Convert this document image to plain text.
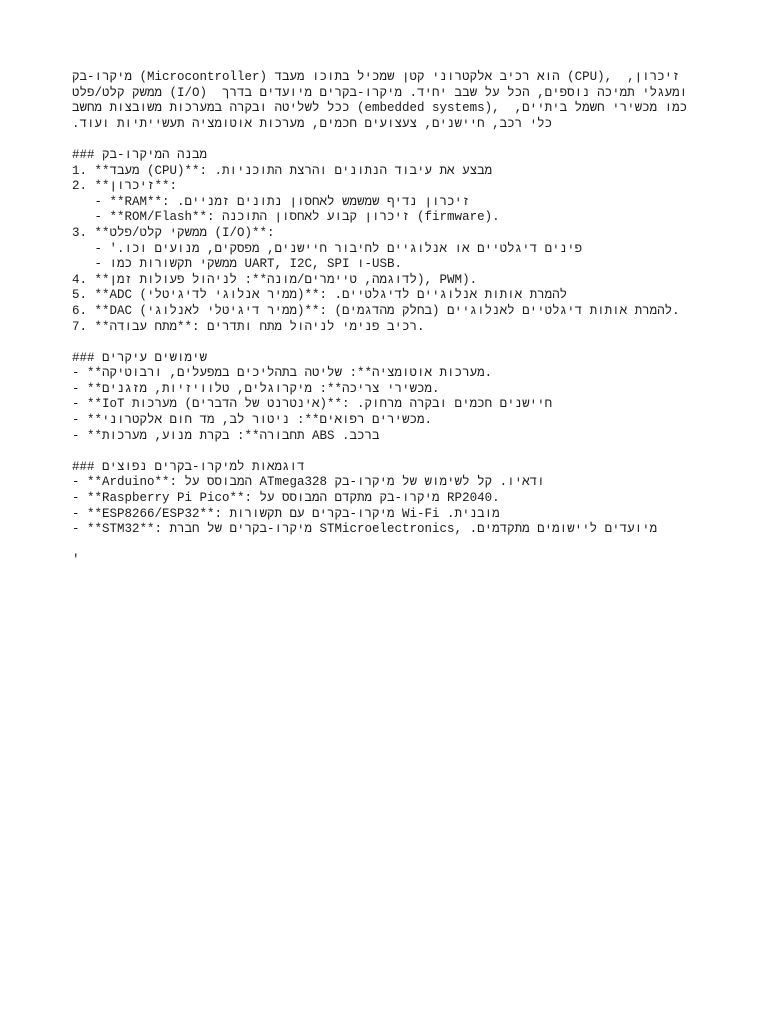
קב-ורקימ (Microcontroller) דבעמ וכותב ליכמש ןטק ינורטקלא ביכר אוה (CPU),  ,ןורכיז
טלפ/טלק קשממ (I/O)  ךרדב םידעוימ םירקב-ורקימ .דיחי בבש לע לכה ,םיפסונ הכימת ילגעמו
בשחמ תוצבושמ תוכרעמב הרקבו הטילשל לככ (embedded systems),  ,םייתיב למשח ירישכמ ומכ
.דועו תויתיישעת היצמוטוא תוכרעמ ,םימכח םיעוצעצ ,םינשייח ,בכר ילכ
### קב-ורקימה הנבמ
1. **דבעמ (CPU)**: .תוינכותה תצרהו םינותנה דוביע תא עצבמ
2. **ןורכיז**:
- **RAM**: .םיינמז םינותנ ןוסחאל שמשמש ףידנ ןורכיז
- **ROM/Flash**: הנכותה ןוסחאל עובק ןורכיז (firmware).
3. **טלפ/טלק יקשממ (I/O)**:
- '.וכו םיעונמ ,םיקספמ ,םינשייח רוביחל םייגולנא וא םייטלגיד םיניפ
- ומכ תורושקת יקשממ UART, I2C, SPI ו-USB.
4. **ןמז תולועפ לוהינל :**הנומ/םירמייט ,המגודל), PWM).
5. **ADC (ילטיגידל יגולנא ריממ)**: .םייטלגידל םייגולנא תותוא תרמהל
6. **DAC (יגולנאל ילטיגיד ריממ)**: (םימגדהמ קלחב) םייגולנאל םייטלגיד תותוא תרמהל.
7. **הדובע חתמ**: םירדתו חתמ לוהינל ימינפ ביכר.
### םירקיע םישומיש
- **הקיטוברו ,םילעפמב םיכילהתב הטילש :**היצמוטוא תוכרעמ.
- **םינגזמ ,תויזיוולט ,םילגורקימ :**הכירצ ירישכמ.
- **IoT תוכרעמ (םירבדה לש טנרטניא)**: .קוחרמ הרקבו םימכח םינשייח
- **ינורטקלא םוח דמ ,בל רוטינ :**םיאופר םירישכמ.
- **תוכרעמ ,עונמ תרקב :**הרובחת ABS .בכרב
### םיצופנ םירקב-ורקימל תואמגוד
- **Arduino**: לע ססובמה ATmega328 קב-ורקימ לש שומישל לק .ויאדו
- **Raspberry Pi Pico**: לע ססובמה םדקתמ קב-ורקימ RP2040.
- **ESP8266/ESP32**: תורושקת םע םירקב-ורקימ Wi-Fi .תינבומ
- **STM32**: תרבח לש םירקב-ורקימ STMicroelectronics, .םימדקתמ םימושייל םידעוימ
'
